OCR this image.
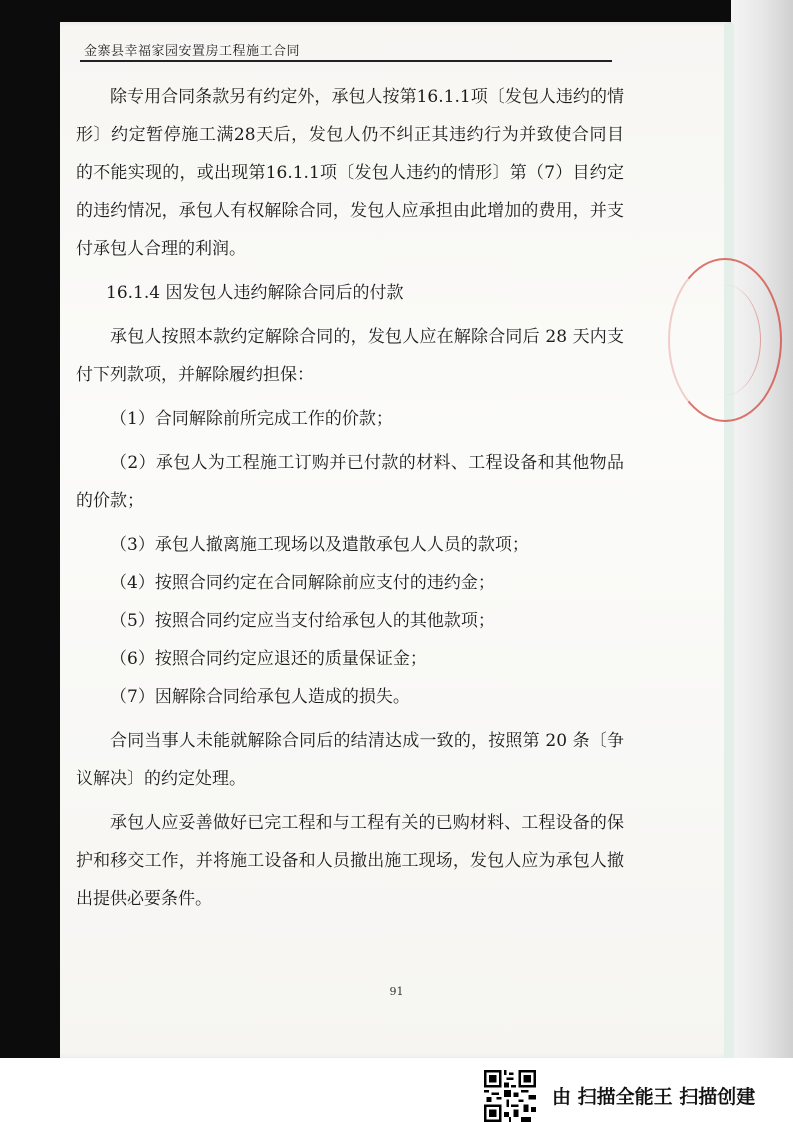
金寨县幸福家园安置房工程施工合同

除专用合同条款另有约定外，承包人按第16.1.1项〔发包人违约的情形〕约定暂停施工满28天后，发包人仍不纠正其违约行为并致使合同目的不能实现的，或出现第16.1.1项〔发包人违约的情形〕第（7）目约定的违约情况，承包人有权解除合同，发包人应承担由此增加的费用，并支付承包人合理的利润。

16.1.4 因发包人违约解除合同后的付款

承包人按照本款约定解除合同的，发包人应在解除合同后 28 天内支付下列款项，并解除履约担保：

（1）合同解除前所完成工作的价款；

（2）承包人为工程施工订购并已付款的材料、工程设备和其他物品的价款；

（3）承包人撤离施工现场以及遣散承包人人员的款项；

（4）按照合同约定在合同解除前应支付的违约金；

（5）按照合同约定应当支付给承包人的其他款项；

（6）按照合同约定应退还的质量保证金；

（7）因解除合同给承包人造成的损失。

合同当事人未能就解除合同后的结清达成一致的，按照第 20 条〔争议解决〕的约定处理。

承包人应妥善做好已完工程和与工程有关的已购材料、工程设备的保护和移交工作，并将施工设备和人员撤出施工现场，发包人应为承包人撤出提供必要条件。

91
由 扫描全能王 扫描创建
